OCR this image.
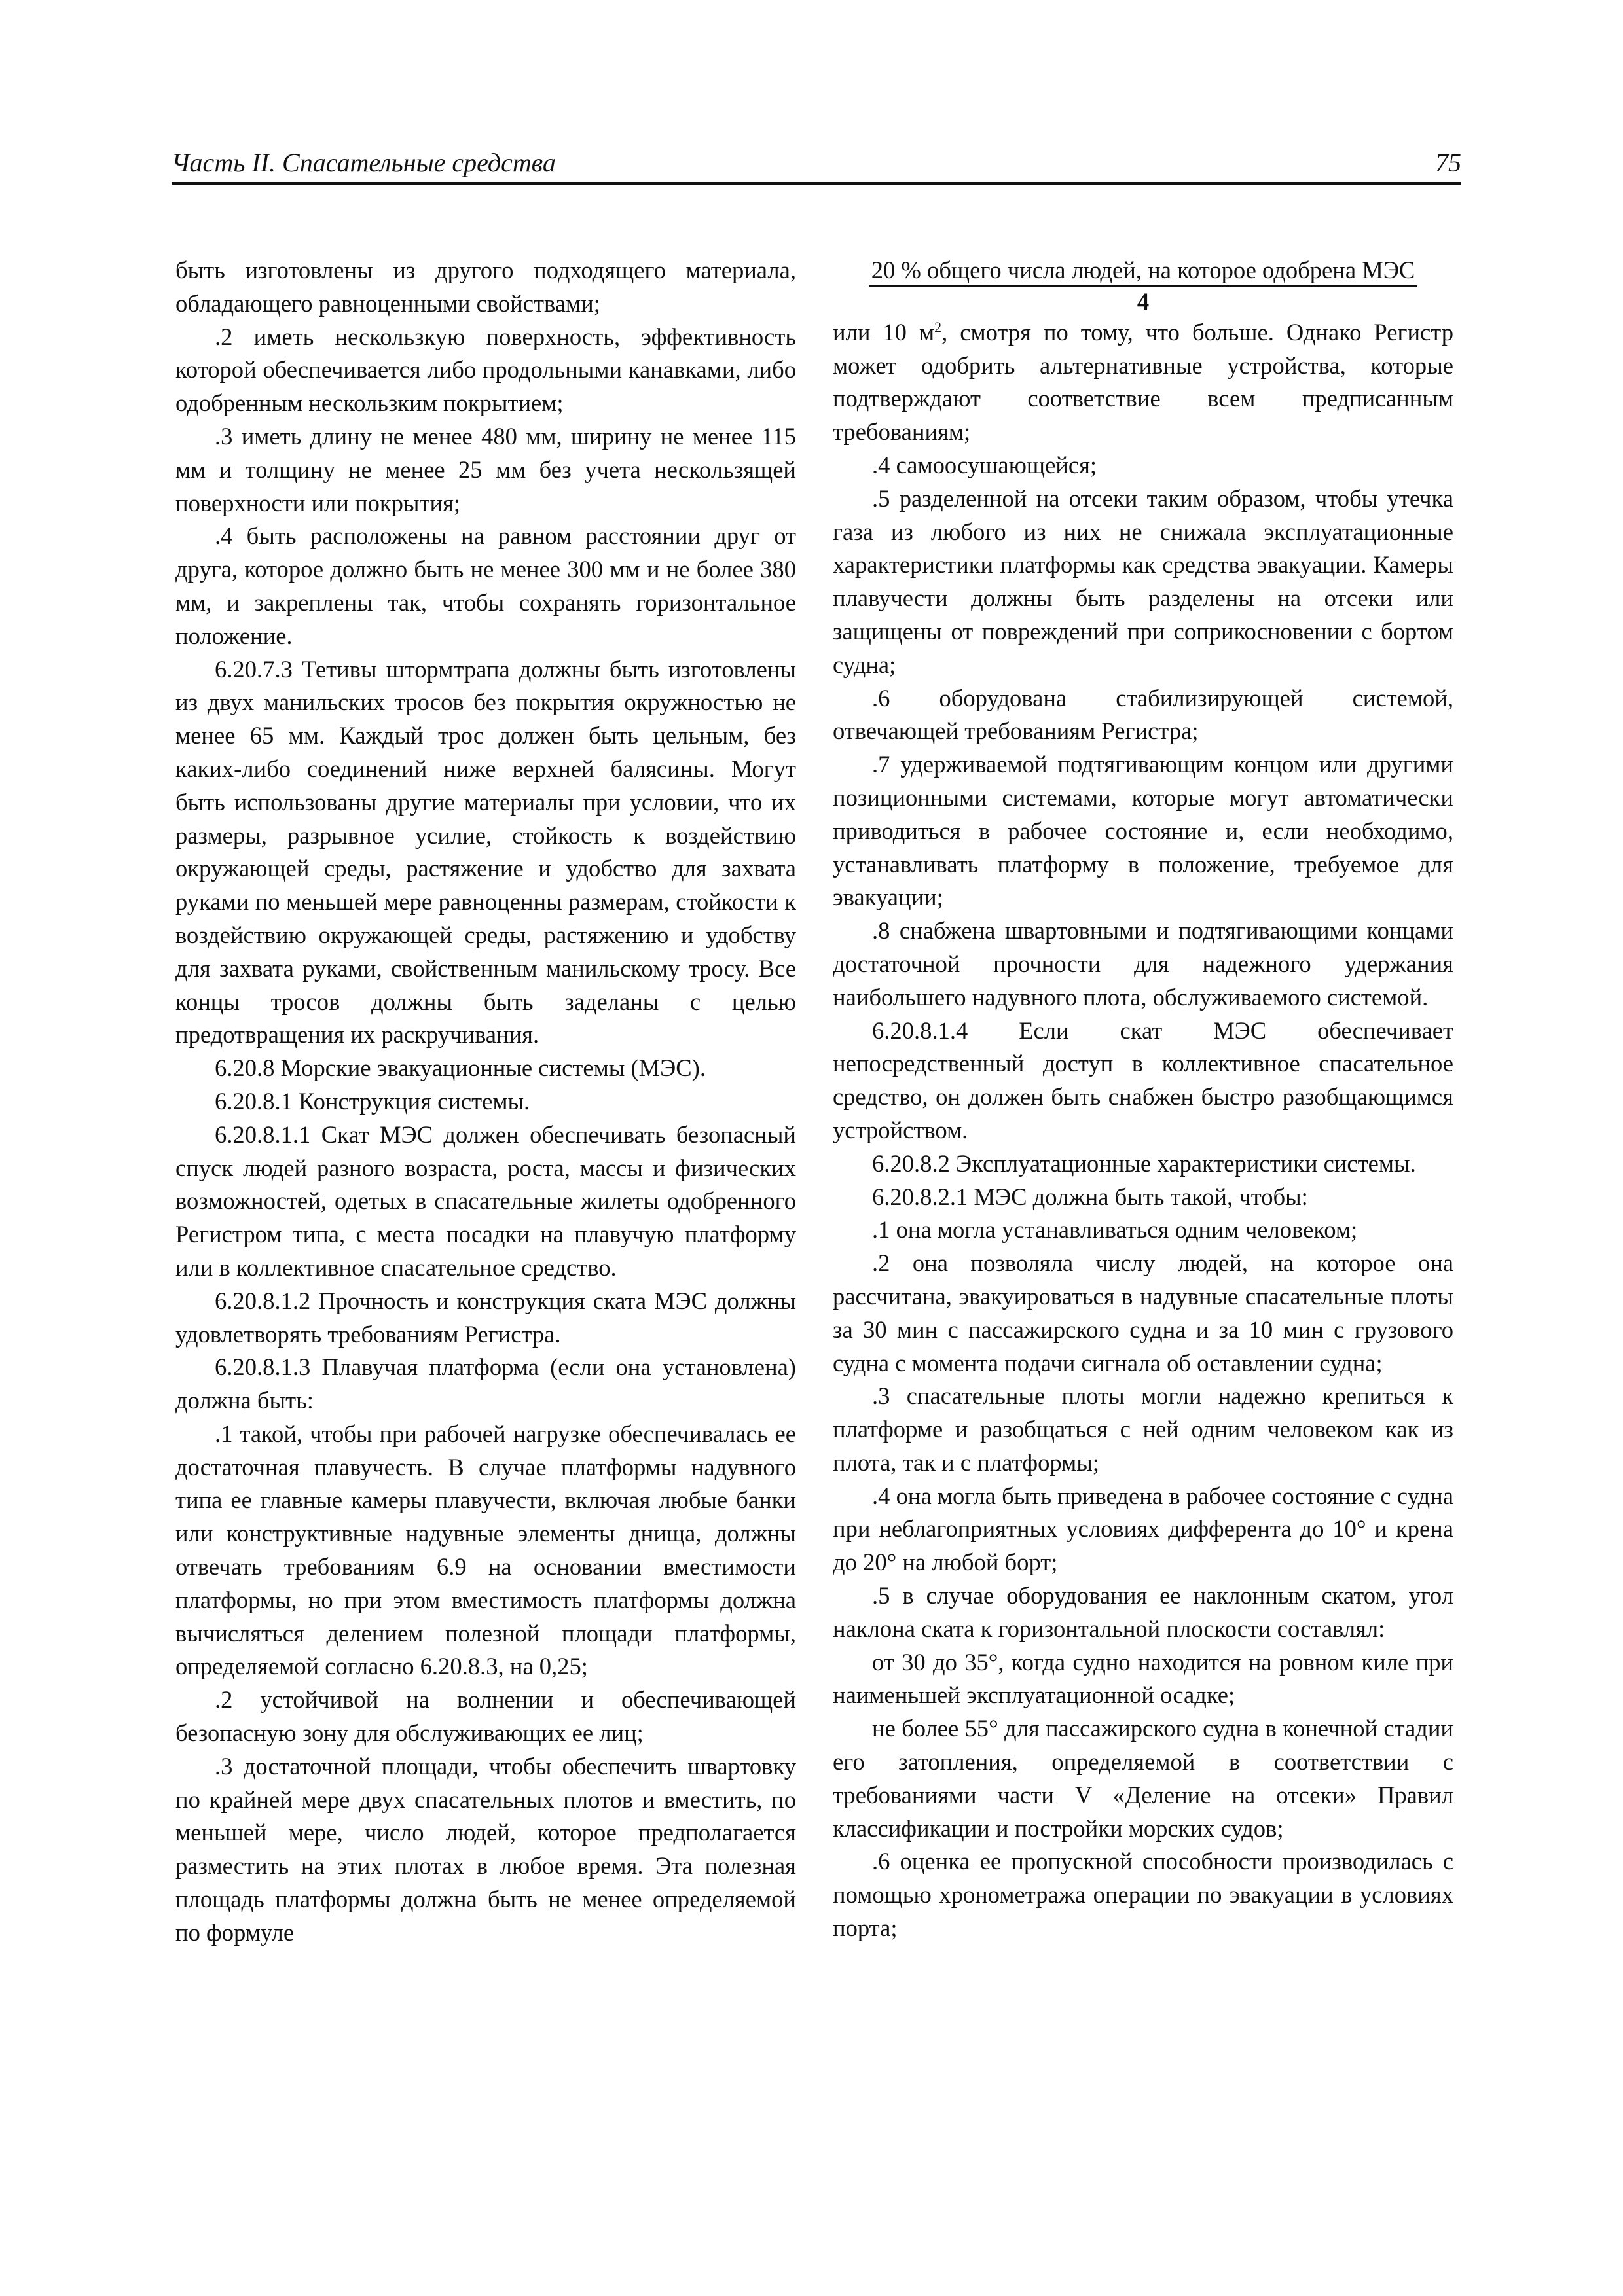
Часть II. Спасательные средства	75

быть изготовлены из другого подходящего материала, обладающего равноценными свойствами;

.2 иметь нескользкую поверхность, эффективность которой обеспечивается либо продольными канавками, либо одобренным нескользким покрытием;

.3 иметь длину не менее 480 мм, ширину не менее 115 мм и толщину не менее 25 мм без учета нескользящей поверхности или покрытия;

.4 быть расположены на равном расстоянии друг от друга, которое должно быть не менее 300 мм и не более 380 мм, и закреплены так, чтобы сохранять горизонтальное положение.

6.20.7.3 Тетивы штормтрапа должны быть изготовлены из двух манильских тросов без покрытия окружностью не менее 65 мм. Каждый трос должен быть цельным, без каких-либо соединений ниже верхней балясины. Могут быть использованы другие материалы при условии, что их размеры, разрывное усилие, стойкость к воздействию окружающей среды, растяжение и удобство для захвата руками по меньшей мере равноценны размерам, стойкости к воздействию окружающей среды, растяжению и удобству для захвата руками, свойственным манильскому тросу. Все концы тросов должны быть заделаны с целью предотвращения их раскручивания.

6.20.8 Морские эвакуационные системы (МЭС).

6.20.8.1 Конструкция системы.

6.20.8.1.1 Скат МЭС должен обеспечивать безопасный спуск людей разного возраста, роста, массы и физических возможностей, одетых в спасательные жилеты одобренного Регистром типа, с места посадки на плавучую платформу или в коллективное спасательное средство.

6.20.8.1.2 Прочность и конструкция ската МЭС должны удовлетворять требованиям Регистра.

6.20.8.1.3 Плавучая платформа (если она установлена) должна быть:

.1 такой, чтобы при рабочей нагрузке обеспечивалась ее достаточная плавучесть. В случае платформы надувного типа ее главные камеры плавучести, включая любые банки или конструктивные надувные элементы днища, должны отвечать требованиям 6.9 на основании вместимости платформы, но при этом вместимость платформы должна вычисляться делением полезной площади платформы, определяемой согласно 6.20.8.3, на 0,25;

.2 устойчивой на волнении и обеспечивающей безопасную зону для обслуживающих ее лиц;

.3 достаточной площади, чтобы обеспечить швартовку по крайней мере двух спасательных плотов и вместить, по меньшей мере, число людей, которое предполагается разместить на этих плотах в любое время. Эта полезная площадь платформы должна быть не менее определяемой по формуле

20 % общего числа людей, на которое одобрена МЭС
4

или 10 $м^2$, смотря по тому, что больше. Однако Регистр может одобрить альтернативные устройства, которые подтверждают соответствие всем предписанным требованиям;

.4 самоосушающейся;

.5 разделенной на отсеки таким образом, чтобы утечка газа из любого из них не снижала эксплуатационные характеристики платформы как средства эвакуации. Камеры плавучести должны быть разделены на отсеки или защищены от повреждений при соприкосновении с бортом судна;

.6 оборудована стабилизирующей системой, отвечающей требованиям Регистра;

.7 удерживаемой подтягивающим концом или другими позиционными системами, которые могут автоматически приводиться в рабочее состояние и, если необходимо, устанавливать платформу в положение, требуемое для эвакуации;

.8 снабжена швартовными и подтягивающими концами достаточной прочности для надежного удержания наибольшего надувного плота, обслуживаемого системой.

6.20.8.1.4 Если скат МЭС обеспечивает непосредственный доступ в коллективное спасательное средство, он должен быть снабжен быстро разобщающимся устройством.

6.20.8.2 Эксплуатационные характеристики системы.

6.20.8.2.1 МЭС должна быть такой, чтобы:

.1 она могла устанавливаться одним человеком;

.2 она позволяла числу людей, на которое она рассчитана, эвакуироваться в надувные спасательные плоты за 30 мин с пассажирского судна и за 10 мин с грузового судна с момента подачи сигнала об оставлении судна;

.3 спасательные плоты могли надежно крепиться к платформе и разобщаться с ней одним человеком как из плота, так и с платформы;

.4 она могла быть приведена в рабочее состояние с судна при неблагоприятных условиях дифферента до 10° и крена до 20° на любой борт;

.5 в случае оборудования ее наклонным скатом, угол наклона ската к горизонтальной плоскости составлял:

от 30 до 35°, когда судно находится на ровном киле при наименьшей эксплуатационной осадке;

не более 55° для пассажирского судна в конечной стадии его затопления, определяемой в соответствии с требованиями части V «Деление на отсеки» Правил классификации и постройки морских судов;

.6 оценка ее пропускной способности производилась с помощью хронометража операции по эвакуации в условиях порта;
